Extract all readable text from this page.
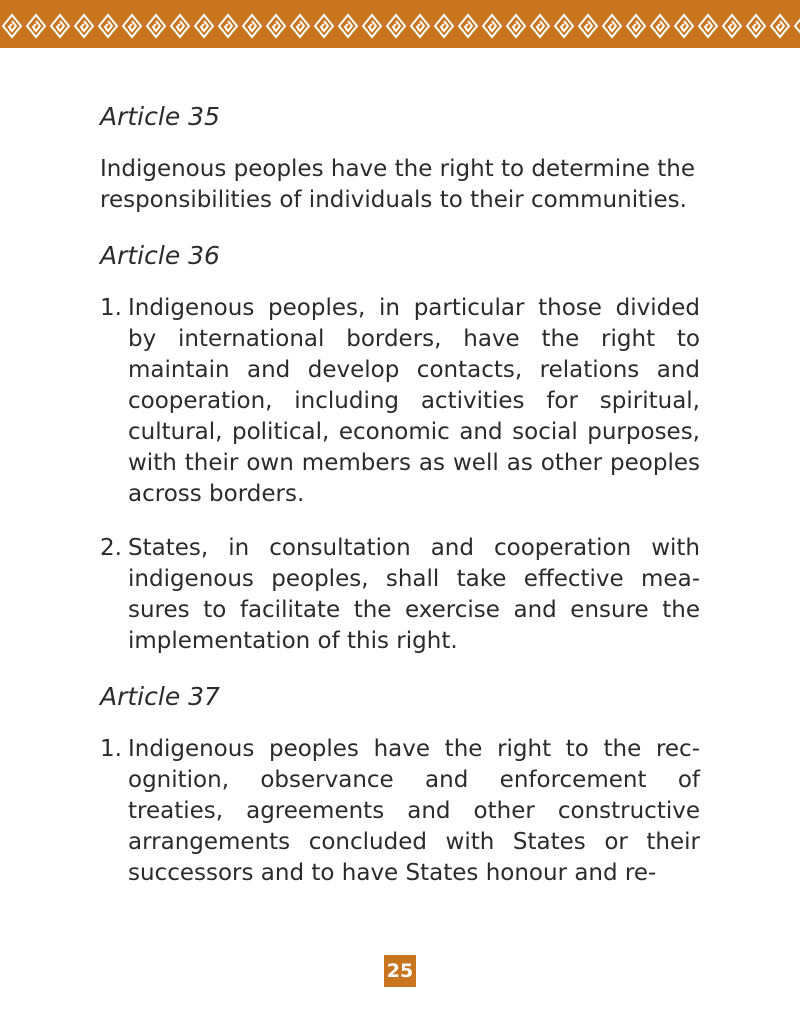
Article 35

Indigenous peoples have the right to determine the responsibilities of individuals to their communities.

Article 36
1. Indigenous peoples, in particular those divided by international borders, have the right to maintain and develop contacts, relations and cooperation, including activities for spiritual, cultural, political, economic and social purposes, with their own members as well as other peoples across borders.
2. States, in consultation and cooperation with indigenous peoples, shall take effective measures to facilitate the exercise and ensure the implementation of this right.
Article 37
1. Indigenous peoples have the right to the recognition, observance and enforcement of treaties, agreements and other constructive arrangements concluded with States or their successors and to have States honour and re-
25
